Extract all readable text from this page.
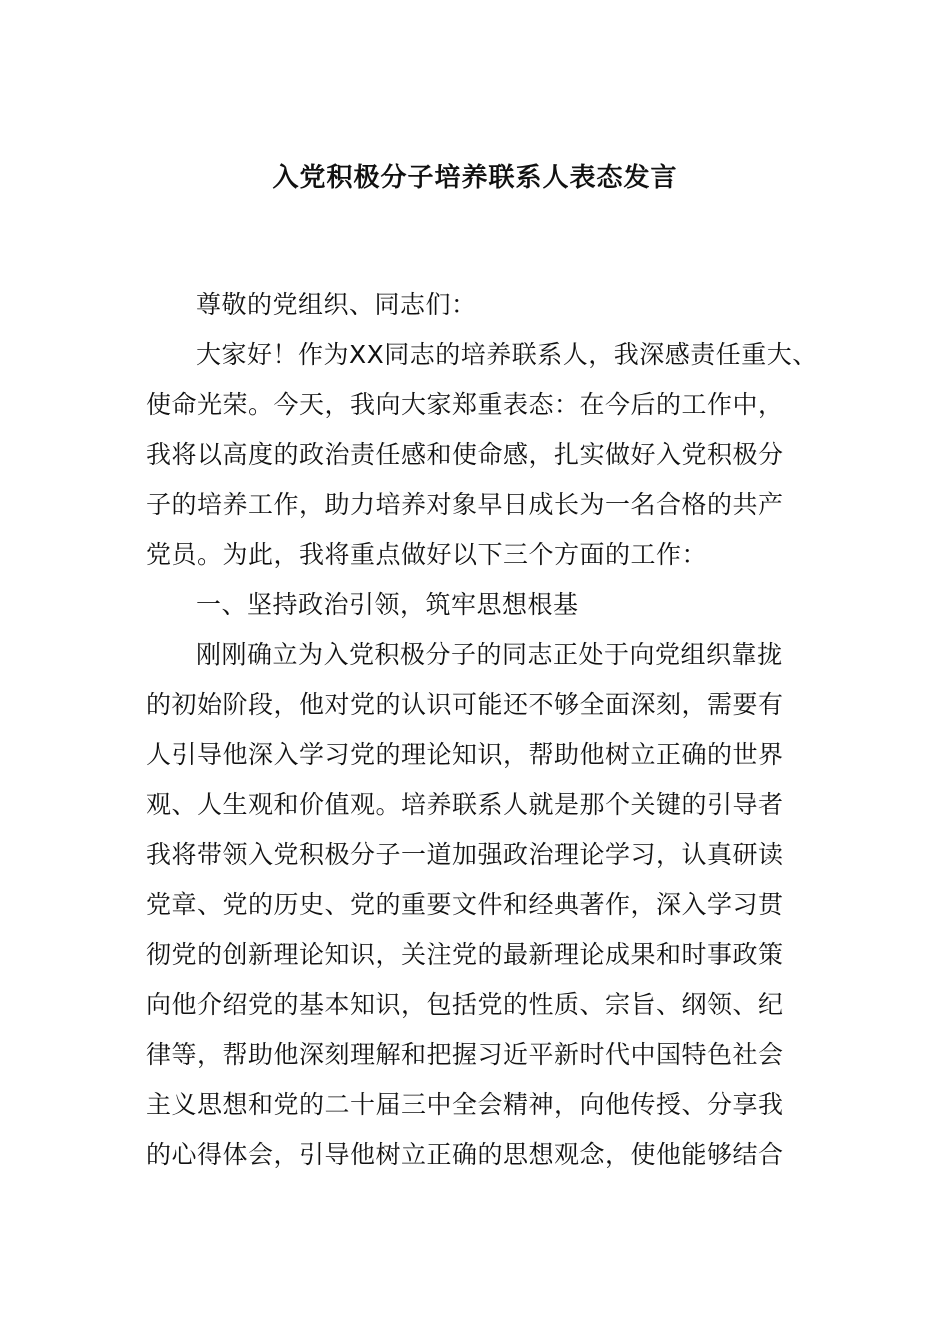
入党积极分子培养联系人表态发言
尊敬的党组织、同志们：
大家好！作为XX同志的培养联系人，我深感责任重大、
使命光荣。今天，我向大家郑重表态：在今后的工作中，
我将以高度的政治责任感和使命感，扎实做好入党积极分
子的培养工作，助力培养对象早日成长为一名合格的共产
党员。为此，我将重点做好以下三个方面的工作：
一、坚持政治引领，筑牢思想根基
刚刚确立为入党积极分子的同志正处于向党组织靠拢
的初始阶段，他对党的认识可能还不够全面深刻，需要有
人引导他深入学习党的理论知识，帮助他树立正确的世界
观、人生观和价值观。培养联系人就是那个关键的引导者
我将带领入党积极分子一道加强政治理论学习，认真研读
党章、党的历史、党的重要文件和经典著作，深入学习贯
彻党的创新理论知识，关注党的最新理论成果和时事政策
向他介绍党的基本知识，包括党的性质、宗旨、纲领、纪
律等，帮助他深刻理解和把握习近平新时代中国特色社会
主义思想和党的二十届三中全会精神，向他传授、分享我
的心得体会，引导他树立正确的思想观念，使他能够结合
